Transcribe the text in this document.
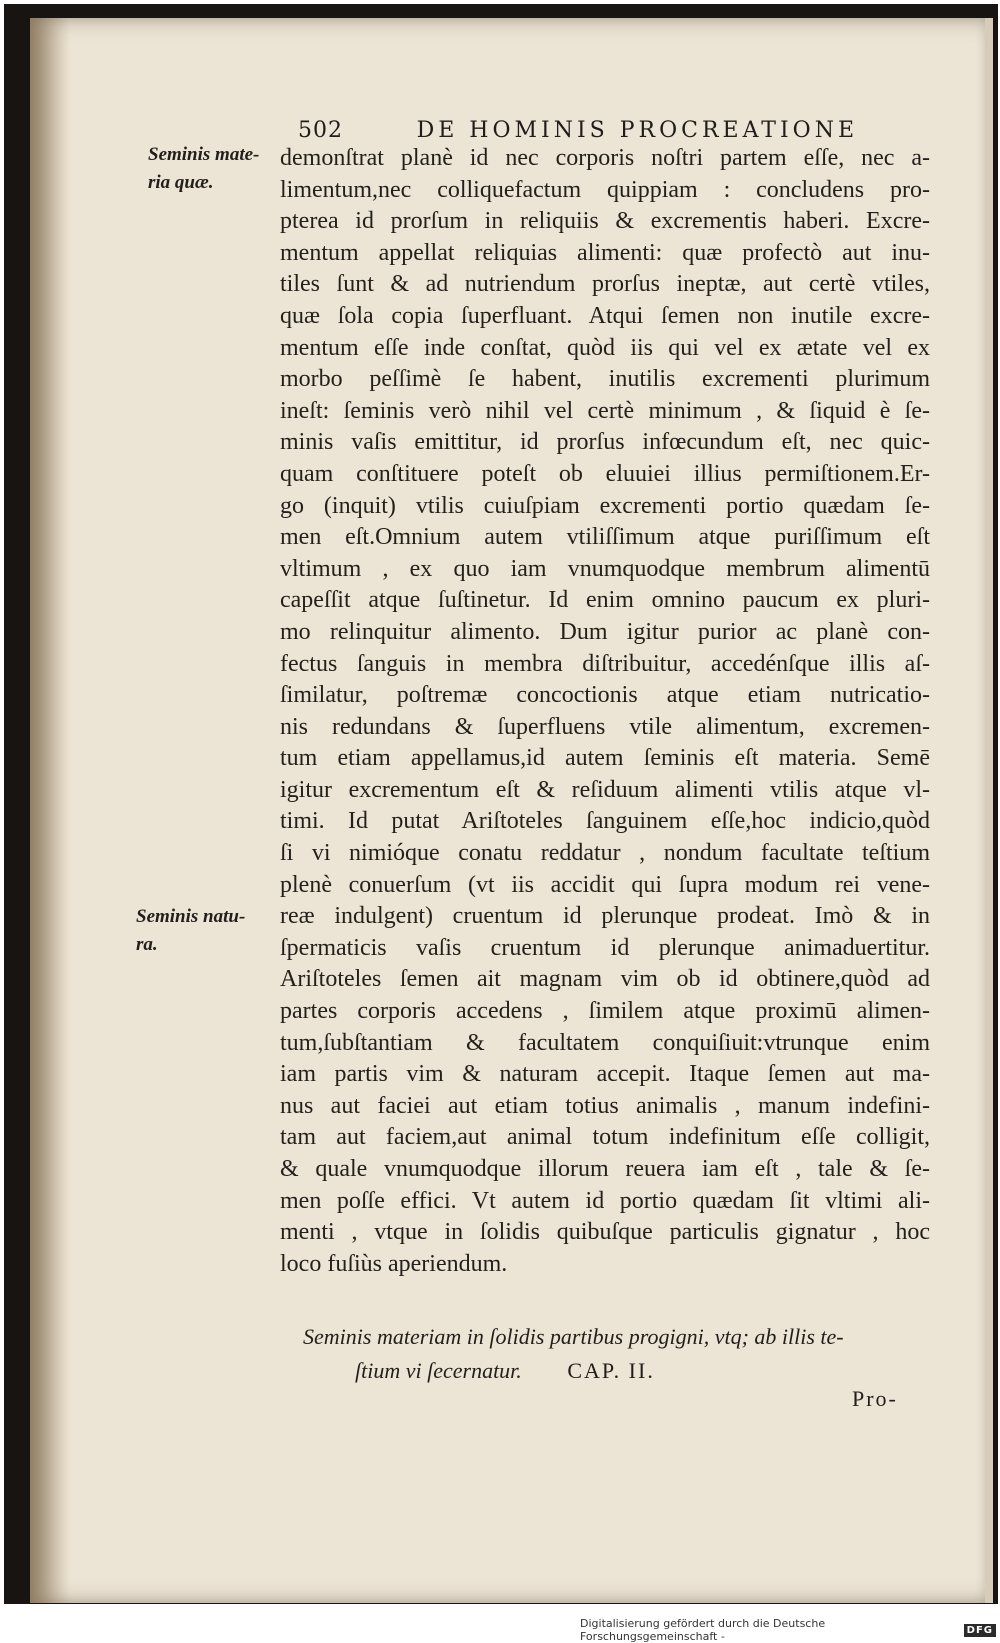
502	DE HOMINIS PROCREATIONE
Seminis mate-
ria quæ.
Seminis natu-
ra.
demonſtrat planè id nec corporis noſtri partem eſſe, nec a-
limentum,nec colliquefactum quippiam : concludens pro-
pterea id prorſum in reliquiis & excrementis haberi. Excre-
mentum appellat reliquias alimenti: quæ profectò aut inu-
tiles ſunt & ad nutriendum prorſus ineptæ, aut certè vtiles,
quæ ſola copia ſuperfluant. Atqui ſemen non inutile excre-
mentum eſſe inde conſtat, quòd iis qui vel ex ætate vel ex
morbo peſſimè ſe habent, inutilis excrementi plurimum
ineſt: ſeminis verò nihil vel certè minimum , & ſiquid è ſe-
minis vaſis emittitur, id prorſus infœcundum eſt, nec quic-
quam conſtituere poteſt ob eluuiei illius permiſtionem.Er-
go (inquit) vtilis cuiuſpiam excrementi portio quædam ſe-
men eſt.Omnium autem vtiliſſimum atque puriſſimum eſt
vltimum , ex quo iam vnumquodque membrum alimentū
capeſſit atque ſuſtinetur. Id enim omnino paucum ex pluri-
mo relinquitur alimento. Dum igitur purior ac planè con-
fectus ſanguis in membra diſtribuitur, accedénſque illis aſ-
ſimilatur, poſtremæ concoctionis atque etiam nutricatio-
nis redundans & ſuperfluens vtile alimentum, excremen-
tum etiam appellamus,id autem ſeminis eſt materia. Semē
igitur excrementum eſt & reſiduum alimenti vtilis atque vl-
timi. Id putat Ariſtoteles ſanguinem eſſe,hoc indicio,quòd
ſi vi nimióque conatu reddatur , nondum facultate teſtium
plenè conuerſum (vt iis accidit qui ſupra modum rei vene-
reæ indulgent) cruentum id plerunque prodeat. Imò & in
ſpermaticis vaſis cruentum id plerunque animaduertitur.
Ariſtoteles ſemen ait magnam vim ob id obtinere,quòd ad
partes corporis accedens , ſimilem atque proximū alimen-
tum,ſubſtantiam & facultatem conquiſiuit:vtrunque enim
iam partis vim & naturam accepit. Itaque ſemen aut ma-
nus aut faciei aut etiam totius animalis , manum indefini-
tam aut faciem,aut animal totum indefinitum eſſe colligit,
& quale vnumquodque illorum reuera iam eſt , tale & ſe-
men poſſe effici. Vt autem id portio quædam ſit vltimi ali-
menti , vtque in ſolidis quibuſque particulis gignatur , hoc
loco fuſiùs aperiendum.
Seminis materiam in ſolidis partibus progigni, vtq; ab illis te-
ſtium vi ſecernatur. CAP. II.
Pro-
Digitalisierung gefördert durch die Deutsche Forschungsgemeinschaft -	DFG
